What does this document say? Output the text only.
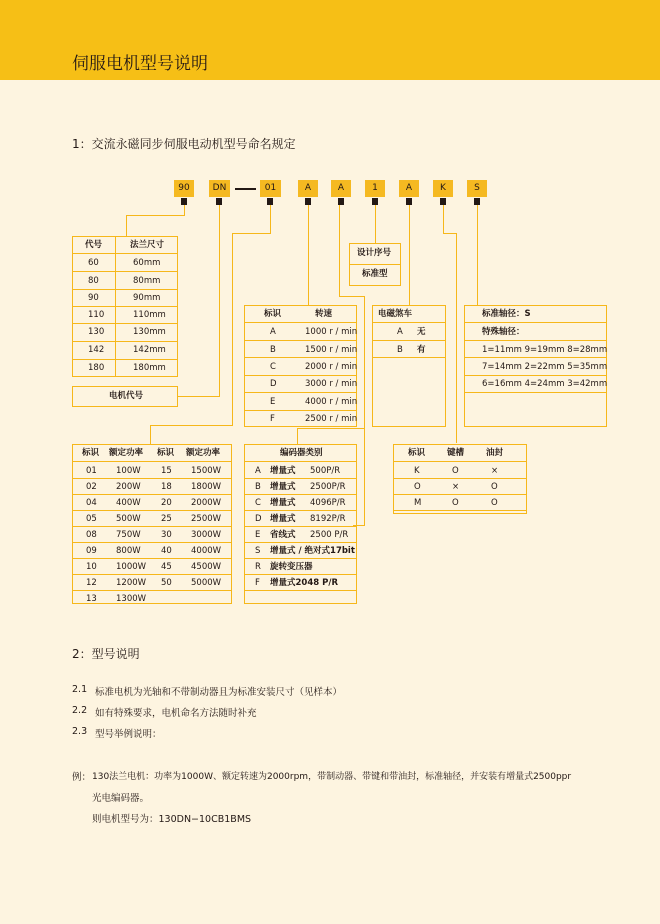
伺服电机型号说明
1：交流永磁同步伺服电动机型号命名规定
90	DN	01	A	A	1	A	K	S
代号	法兰尺寸
60	60mm
80	80mm
90	90mm
110	110mm
130	130mm
142	142mm
180	180mm
电机代号
设计序号
标准型
标识	转速
A	1000 r / min
B	1500 r / min
C	2000 r / min
D	3000 r / min
E	4000 r / min
F	2500 r / min
电磁煞车
A 无
B 有
标准轴径：S
特殊轴径：
1=11mm 9=19mm 8=28mm
7=14mm 2=22mm 5=35mm
6=16mm 4=24mm 3=42mm
标识 额定功率 标识 额定功率
01 100W 15 1500W
02 200W 18 1800W
04 400W 20 2000W
05 500W 25 2500W
08 750W 30 3000W
09 800W 40 4000W
10 1000W 45 4500W
12 1200W 50 5000W
13 1300W
编码器类别
A 增量式 500P/R
B 增量式 2500P/R
C 增量式 4096P/R
D 增量式 8192P/R
E 省线式 2500 P/R
S 增量式 / 绝对式17bit
R 旋转变压器
F 增量式2048 P/R
标识	键槽	油封
K	O	×
O	×	O
M	O	O
2：型号说明
2.1 标准电机为光轴和不带制动器且为标准安装尺寸（见样本）
2.2 如有特殊要求，电机命名方法随时补充
2.3 型号举例说明：
例： 130法兰电机：功率为1000W、额定转速为2000rpm，带制动器、带键和带油封，标准轴径，并安装有增量式2500ppr
光电编码器。
则电机型号为：130DN−10CB1BMS
